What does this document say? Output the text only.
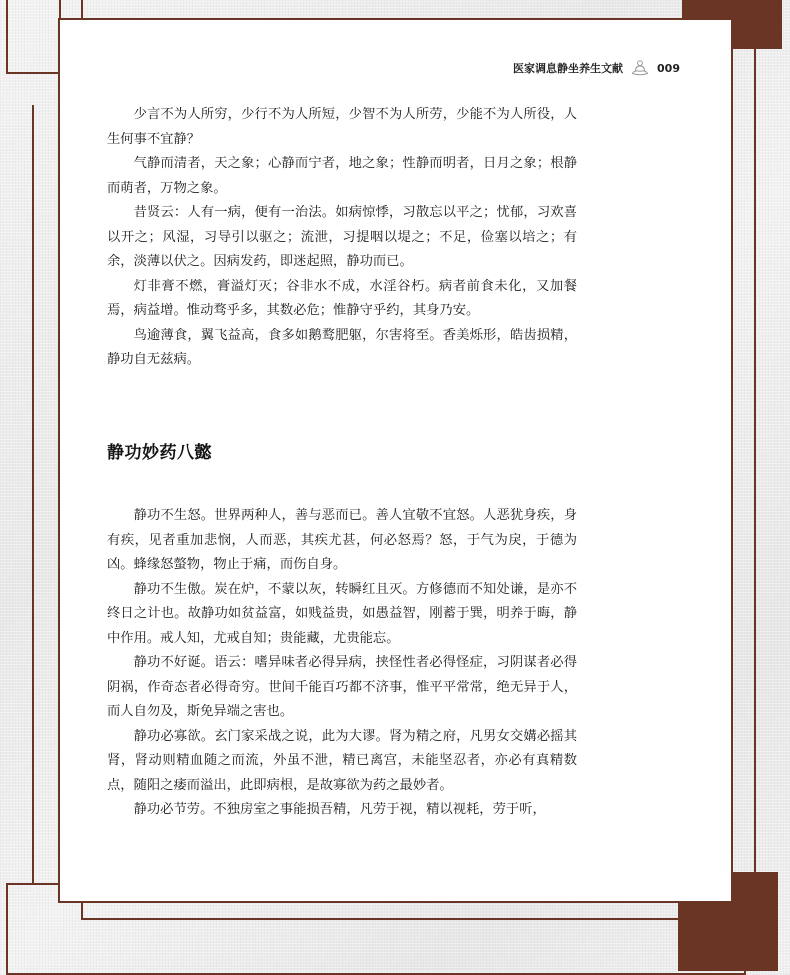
医家调息静坐养生文献	009

少言不为人所穷，少行不为人所短，少智不为人所劳，少能不为人所役，人生何事不宜静？

气静而清者，天之象；心静而宁者，地之象；性静而明者，日月之象；根静而萌者，万物之象。

昔贤云：人有一病，便有一治法。如病惊悸，习散忘以平之；忧郁，习欢喜以开之；风湿，习导引以驱之；流泄，习提咽以堤之；不足，俭塞以培之；有余，淡薄以伏之。因病发药，即迷起照，静功而已。

灯非膏不燃，膏溢灯灭；谷非水不成，水淫谷朽。病者前食未化，又加餐焉，病益增。惟动骛乎多，其数必危；惟静守乎约，其身乃安。

鸟逾薄食，翼飞益高，食多如鹅鹜肥躯，尔害将至。香美烁形，皓齿损精，静功自无兹病。

静功妙药八懿

静功不生怒。世界两种人，善与恶而已。善人宜敬不宜怒。人恶犹身疾，身有疾，见者重加悲悯，人而恶，其疾尤甚，何必怒焉？怒，于气为戾，于德为凶。蜂缘怒螫物，物止于痛，而伤自身。

静功不生傲。炭在炉，不蒙以灰，转瞬红且灭。方修德而不知处谦，是亦不终日之计也。故静功如贫益富，如贱益贵，如愚益智，刚蓄于巽，明养于晦，静中作用。戒人知，尤戒自知；贵能藏，尤贵能忘。

静功不好诞。语云：嗜异味者必得异病，挟怪性者必得怪症，习阴谋者必得阴祸，作奇态者必得奇穷。世间千能百巧都不济事，惟平平常常，绝无异于人，而人自勿及，斯免异端之害也。

静功必寡欲。玄门家采战之说，此为大谬。肾为精之府，凡男女交媾必摇其肾，肾动则精血随之而流，外虽不泄，精已离宫，未能坚忍者，亦必有真精数点，随阳之痿而溢出，此即病根，是故寡欲为药之最妙者。

静功必节劳。不独房室之事能损吾精，凡劳于视，精以视耗，劳于听，
